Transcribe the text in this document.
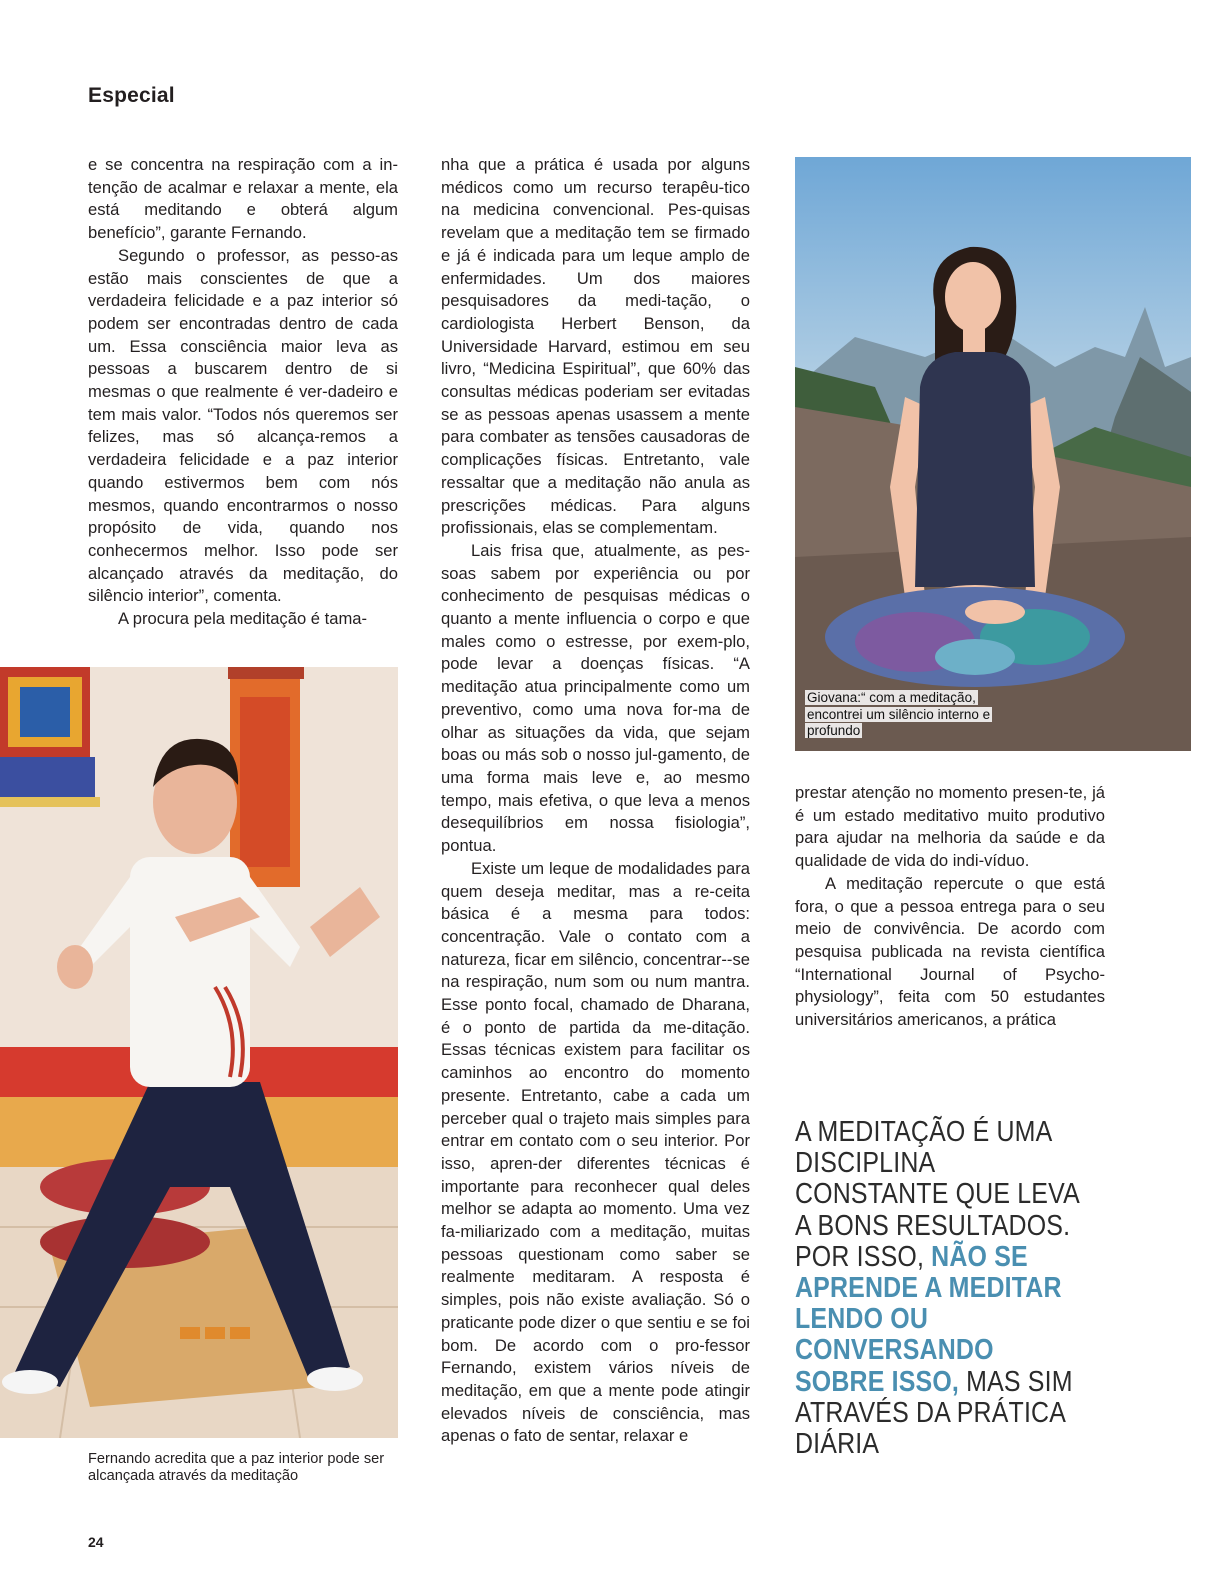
Especial

e se concentra na respiração com a in-tenção de acalmar e relaxar a mente, ela está meditando e obterá algum benefício”, garante Fernando.

Segundo o professor, as pesso-as estão mais conscientes de que a verdadeira felicidade e a paz interior só podem ser encontradas dentro de cada um. Essa consciência maior leva as pessoas a buscarem dentro de si mesmas o que realmente é ver-dadeiro e tem mais valor. “Todos nós queremos ser felizes, mas só alcança-remos a verdadeira felicidade e a paz interior quando estivermos bem com nós mesmos, quando encontrarmos o nosso propósito de vida, quando nos conhecermos melhor. Isso pode ser alcançado através da meditação, do silêncio interior”, comenta.

A procura pela meditação é tama-

nha que a prática é usada por alguns médicos como um recurso terapêu-tico na medicina convencional. Pes-quisas revelam que a meditação tem se firmado e já é indicada para um leque amplo de enfermidades. Um dos maiores pesquisadores da medi-tação, o cardiologista Herbert Benson, da Universidade Harvard, estimou em seu livro, “Medicina Espiritual”, que 60% das consultas médicas poderiam ser evitadas se as pessoas apenas usassem a mente para combater as tensões causadoras de complicações físicas. Entretanto, vale ressaltar que a meditação não anula as prescrições médicas. Para alguns profissionais, elas se complementam.

Lais frisa que, atualmente, as pes-soas sabem por experiência ou por conhecimento de pesquisas médicas o quanto a mente influencia o corpo e que males como o estresse, por exem-plo, pode levar a doenças físicas. “A meditação atua principalmente como um preventivo, como uma nova for-ma de olhar as situações da vida, que sejam boas ou más sob o nosso jul-gamento, de uma forma mais leve e, ao mesmo tempo, mais efetiva, o que leva a menos desequilíbrios em nossa fisiologia”, pontua.

Existe um leque de modalidades para quem deseja meditar, mas a re-ceita básica é a mesma para todos: concentração. Vale o contato com a natureza, ficar em silêncio, concentrar--se na respiração, num som ou num mantra. Esse ponto focal, chamado de Dharana, é o ponto de partida da me-ditação. Essas técnicas existem para facilitar os caminhos ao encontro do momento presente. Entretanto, cabe a cada um perceber qual o trajeto mais simples para entrar em contato com o seu interior. Por isso, apren-der diferentes técnicas é importante para reconhecer qual deles melhor se adapta ao momento. Uma vez fa-miliarizado com a meditação, muitas pessoas questionam como saber se realmente meditaram. A resposta é simples, pois não existe avaliação. Só o praticante pode dizer o que sentiu e se foi bom. De acordo com o pro-fessor Fernando, existem vários níveis de meditação, em que a mente pode atingir elevados níveis de consciência, mas apenas o fato de sentar, relaxar e

prestar atenção no momento presen-te, já é um estado meditativo muito produtivo para ajudar na melhoria da saúde e da qualidade de vida do indi-víduo.

A meditação repercute o que está fora, o que a pessoa entrega para o seu meio de convivência. De acordo com pesquisa publicada na revista científica “International Journal of Psycho-physiology”, feita com 50 estudantes universitários americanos, a prática

Fernando acredita que a paz interior pode ser alcançada através da meditação
Giovana:“ com a meditação, encontrei um silêncio interno e profundo
A MEDITAÇÃO É UMA DISCIPLINA CONSTANTE QUE LEVA A BONS RESULTADOS. POR ISSO, NÃO SE APRENDE A MEDITAR LENDO OU CONVERSANDO SOBRE ISSO, MAS SIM ATRAVÉS DA PRÁTICA DIÁRIA
24
